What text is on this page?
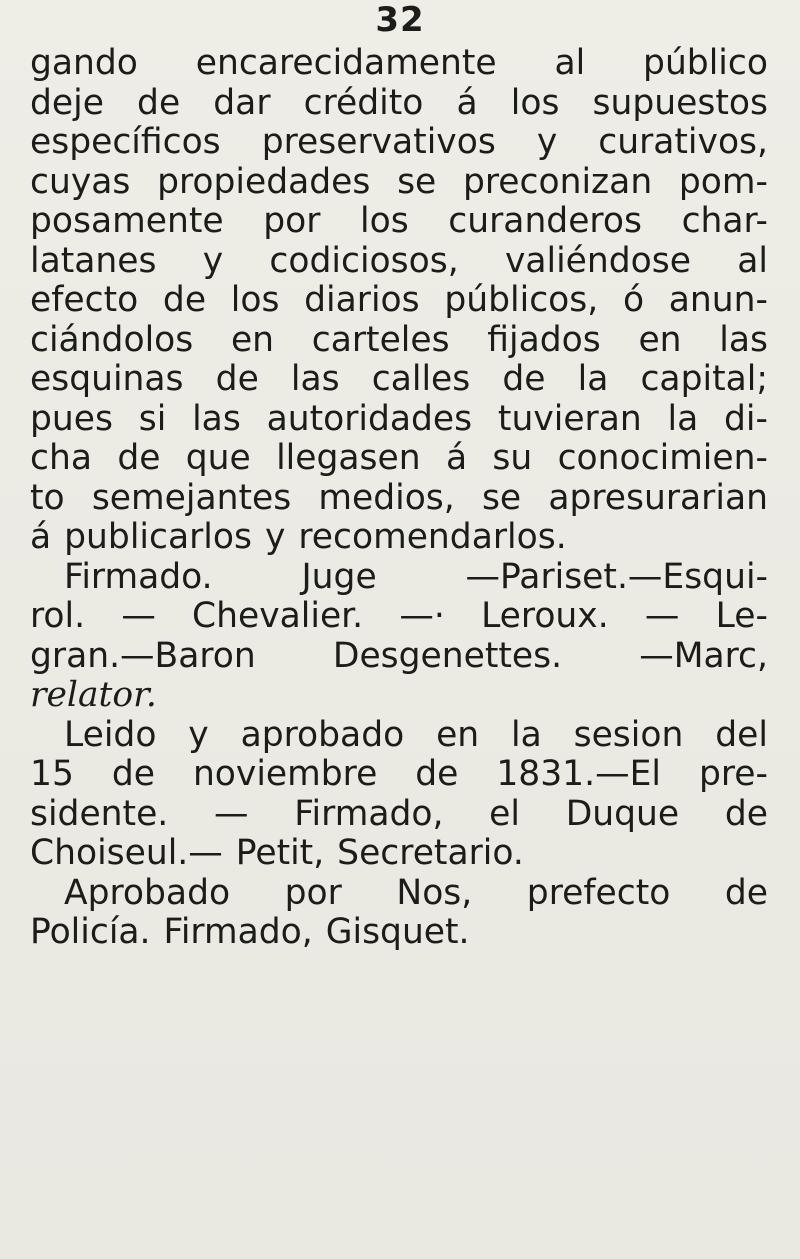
32
gando encarecidamente al público
deje de dar crédito á los supuestos
específicos preservativos y curativos,
cuyas propiedades se preconizan pom-
posamente por los curanderos char-
latanes y codiciosos, valiéndose al
efecto de los diarios públicos, ó anun-
ciándolos en carteles fijados en las
esquinas de las calles de la capital;
pues si las autoridades tuvieran la di-
cha de que llegasen á su conocimien-
to semejantes medios, se apresurarian
á publicarlos y recomendarlos.
Firmado.	Juge	—Pariset.—Esqui-
rol. — Chevalier. —· Leroux. — Le-
gran.—Baron Desgenettes. —Marc,
relator.
Leido y aprobado en la sesion del
15 de noviembre de 1831.—El pre-
sidente. — Firmado, el Duque de
Choiseul.— Petit, Secretario.
Aprobado por Nos, prefecto de
Policía. Firmado, Gisquet.
